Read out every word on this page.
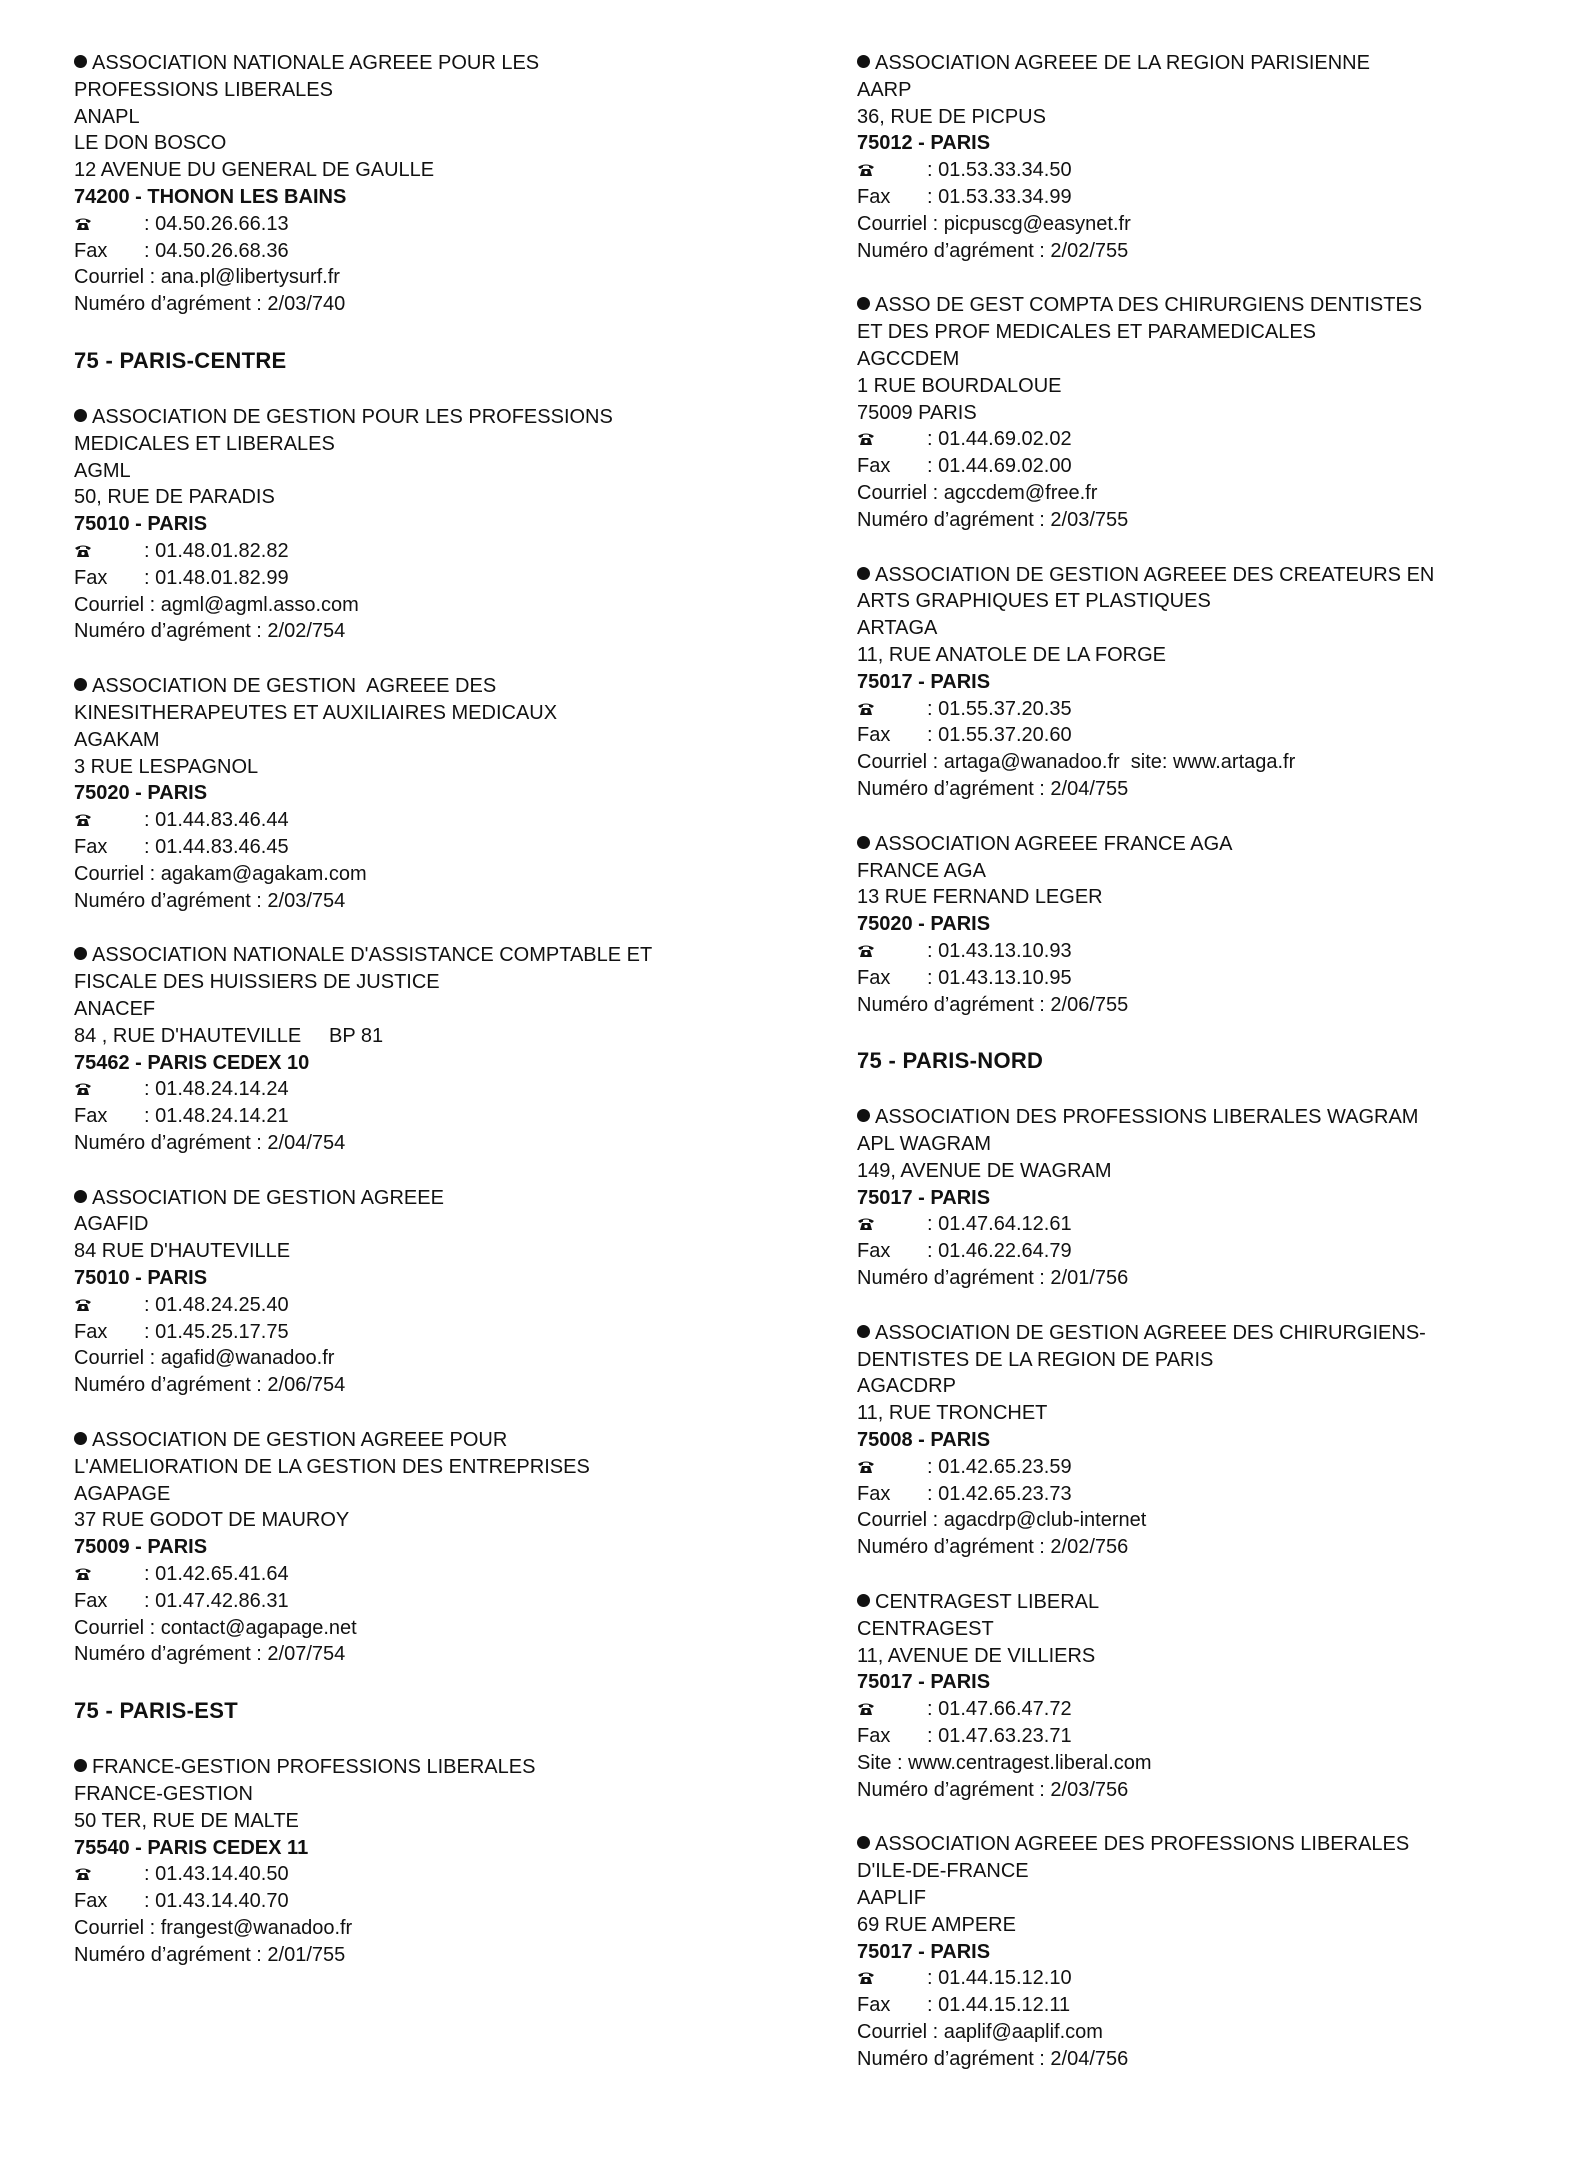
ASSOCIATION NATIONALE AGREEE POUR LES
PROFESSIONS LIBERALES
ANAPL
LE DON BOSCO
12 AVENUE DU GENERAL DE GAULLE
74200 - THONON LES BAINS
: 04.50.26.66.13
Fax : 04.50.26.68.36
Courriel : ana.pl@libertysurf.fr
Numéro d’agrément : 2/03/740
75 - PARIS-CENTRE
ASSOCIATION DE GESTION POUR LES PROFESSIONS
MEDICALES ET LIBERALES
AGML
50, RUE DE PARADIS
75010 - PARIS
: 01.48.01.82.82
Fax : 01.48.01.82.99
Courriel : agml@agml.asso.com
Numéro d’agrément : 2/02/754
ASSOCIATION DE GESTION  AGREEE DES
KINESITHERAPEUTES ET AUXILIAIRES MEDICAUX
AGAKAM
3 RUE LESPAGNOL
75020 - PARIS
: 01.44.83.46.44
Fax : 01.44.83.46.45
Courriel : agakam@agakam.com
Numéro d’agrément : 2/03/754
ASSOCIATION NATIONALE D'ASSISTANCE COMPTABLE ET
FISCALE DES HUISSIERS DE JUSTICE
ANACEF
84 , RUE D'HAUTEVILLE     BP 81
75462 - PARIS CEDEX 10
: 01.48.24.14.24
Fax : 01.48.24.14.21
Numéro d’agrément : 2/04/754
ASSOCIATION DE GESTION AGREEE
AGAFID
84 RUE D'HAUTEVILLE
75010 - PARIS
: 01.48.24.25.40
Fax : 01.45.25.17.75
Courriel : agafid@wanadoo.fr
Numéro d’agrément : 2/06/754
ASSOCIATION DE GESTION AGREEE POUR
L'AMELIORATION DE LA GESTION DES ENTREPRISES
AGAPAGE
37 RUE GODOT DE MAUROY
75009 - PARIS
: 01.42.65.41.64
Fax : 01.47.42.86.31
Courriel : contact@agapage.net
Numéro d’agrément : 2/07/754
75 - PARIS-EST
FRANCE-GESTION PROFESSIONS LIBERALES
FRANCE-GESTION
50 TER, RUE DE MALTE
75540 - PARIS CEDEX 11
: 01.43.14.40.50
Fax : 01.43.14.40.70
Courriel : frangest@wanadoo.fr
Numéro d’agrément : 2/01/755
ASSOCIATION AGREEE DE LA REGION PARISIENNE
AARP
36, RUE DE PICPUS
75012 - PARIS
: 01.53.33.34.50
Fax : 01.53.33.34.99
Courriel : picpuscg@easynet.fr
Numéro d’agrément : 2/02/755
ASSO DE GEST COMPTA DES CHIRURGIENS DENTISTES
ET DES PROF MEDICALES ET PARAMEDICALES
AGCCDEM
1 RUE BOURDALOUE
75009 PARIS
: 01.44.69.02.02
Fax : 01.44.69.02.00
Courriel : agccdem@free.fr
Numéro d’agrément : 2/03/755
ASSOCIATION DE GESTION AGREEE DES CREATEURS EN
ARTS GRAPHIQUES ET PLASTIQUES
ARTAGA
11, RUE ANATOLE DE LA FORGE
75017 - PARIS
: 01.55.37.20.35
Fax : 01.55.37.20.60
Courriel : artaga@wanadoo.fr  site: www.artaga.fr
Numéro d’agrément : 2/04/755
ASSOCIATION AGREEE FRANCE AGA
FRANCE AGA
13 RUE FERNAND LEGER
75020 - PARIS
: 01.43.13.10.93
Fax : 01.43.13.10.95
Numéro d’agrément : 2/06/755
75 - PARIS-NORD
ASSOCIATION DES PROFESSIONS LIBERALES WAGRAM
APL WAGRAM
149, AVENUE DE WAGRAM
75017 - PARIS
: 01.47.64.12.61
Fax : 01.46.22.64.79
Numéro d’agrément : 2/01/756
ASSOCIATION DE GESTION AGREEE DES CHIRURGIENS-
DENTISTES DE LA REGION DE PARIS
AGACDRP
11, RUE TRONCHET
75008 - PARIS
: 01.42.65.23.59
Fax : 01.42.65.23.73
Courriel : agacdrp@club-internet
Numéro d’agrément : 2/02/756
CENTRAGEST LIBERAL
CENTRAGEST
11, AVENUE DE VILLIERS
75017 - PARIS
: 01.47.66.47.72
Fax : 01.47.63.23.71
Site : www.centragest.liberal.com
Numéro d’agrément : 2/03/756
ASSOCIATION AGREEE DES PROFESSIONS LIBERALES
D'ILE-DE-FRANCE
AAPLIF
69 RUE AMPERE
75017 - PARIS
: 01.44.15.12.10
Fax : 01.44.15.12.11
Courriel : aaplif@aaplif.com
Numéro d’agrément : 2/04/756
